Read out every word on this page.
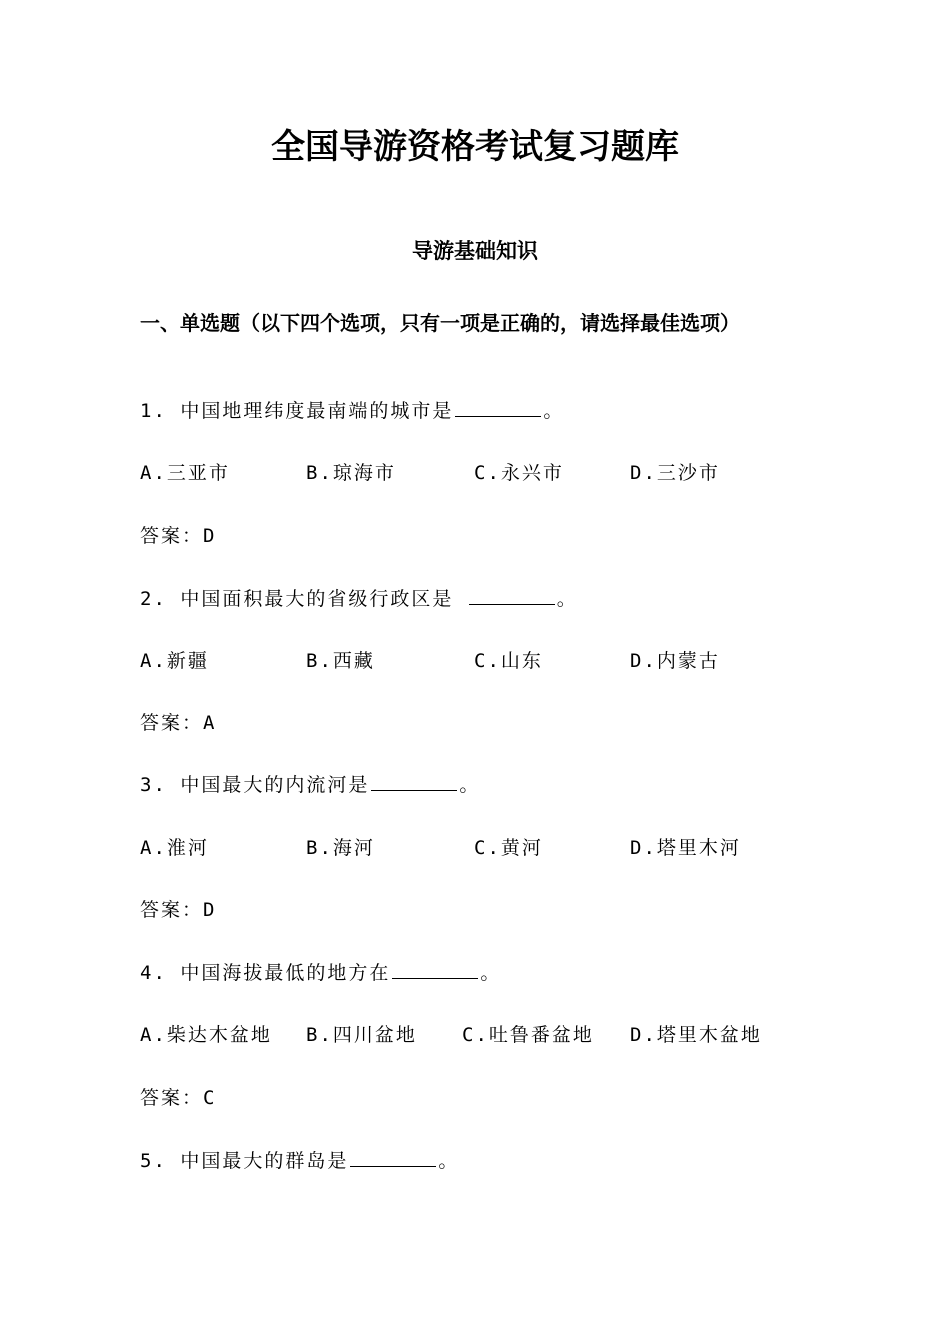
全国导游资格考试复习题库
导游基础知识
一、单选题（以下四个选项，只有一项是正确的，请选择最佳选项）
1. 中国地理纬度最南端的城市是	。
A.三亚市	B.琼海市	C.永兴市	D.三沙市
答案：D
2. 中国面积最大的省级行政区是	。
A.新疆	B.西藏	C.山东	D.内蒙古
答案：A
3. 中国最大的内流河是	。
A.淮河	B.海河	C.黄河	D.塔里木河
答案：D
4. 中国海拔最低的地方在	。
A.柴达木盆地 B.四川盆地 C.吐鲁番盆地 D.塔里木盆地
答案：C
5. 中国最大的群岛是	。
